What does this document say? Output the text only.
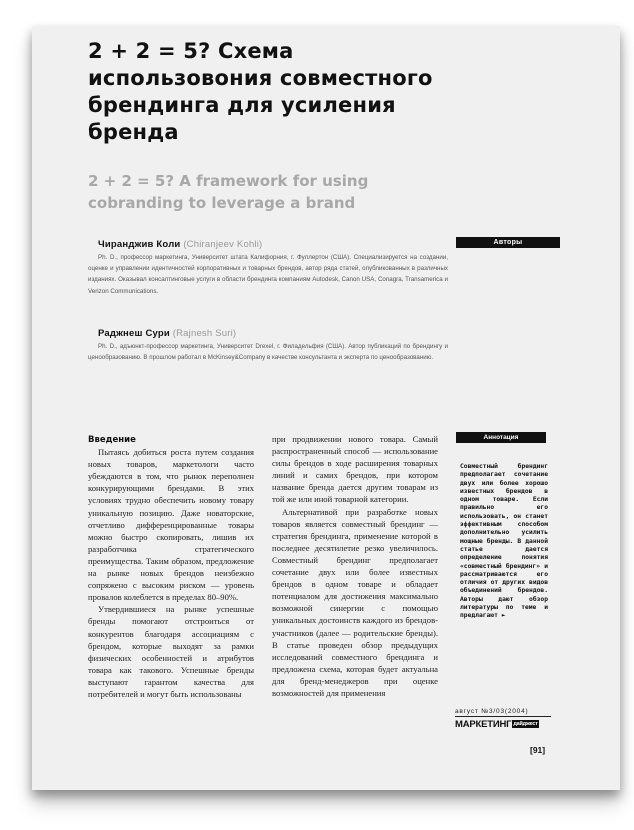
2 + 2 = 5? Схема использовония совместного брендинга для усиления бренда
2 + 2 = 5? A framework for using cobranding to leverage a brand
Авторы
Чиранджив Коли (Chiranjeev Kohli)
Ph. D., профессор маркетинга, Университет штата Калифорния, г. Фуллертон (США). Специализируется на создании, оценке и управлении идентичностей корпоративных и товарных брендов, автор ряда статей, опубликованных в различных изданиях. Оказывал консалтинговые услуги в области брендинга компаниям Autodesk, Canon USA, Conagra, Transamerica и Verizon Communications.
Раджнеш Сури (Rajnesh Suri)
Ph. D., адъюнкт-профессор маркетинга, Университет Drexel, г. Филадельфия (США). Автор публикаций по брендингу и ценообразованию. В прошлом работал в McKinsey&Company в качестве консультанта и эксперта по ценообразованию.

Введение

Пытаясь добиться роста путем создания новых товаров, маркетологи часто убеждаются в том, что рынок переполнен конкурирующими брендами. В этих условиях трудно обеспечить новому товару уникальную позицию. Даже новаторские, отчетливо дифференцированные товары можно быстро скопировать, лишив их разработчика стратегического преимущества. Таким образом, предложение на рынке новых брендов неизбежно сопряжено с высоким риском — уровень провалов колеблется в пределах 80–90%.

Утвердившиеся на рынке успешные бренды помогают отстроиться от конкурентов благодаря ассоциациям с брендом, которые выходят за рамки физических особенностей и атрибутов товара как такового. Успешные бренды выступают гарантом качества для потребителей и могут быть использованы

при продвижении нового товара. Самый распространенный способ — использование силы брендов в ходе расширения товарных линий и самих брендов, при котором название бренда дается другим товарам из той же или иной товарной категории.

Альтернативой при разработке новых товаров является совместный брендинг — стратегия брендинга, применение которой в последнее десятилетие резко увеличилось. Совместный брендинг предполагает сочетание двух или более известных брендов в одном товаре и обладает потенциалом для достижения максимально возможной синергии с помощью уникальных достоинств каждого из брендов-участников (далее — родительские бренды). В статье проведен обзор предыдущих исследований совместного брендинга и предложена схема, которая будет актуальна для бренд-менеджеров при оценке возможностей для применения

Аннотация
Совместный брендинг предполагает сочетание двух или более хорошо известных брендов в одном товаре. Если правильно его использовать, он станет эффективным способом дополнительно усилить мощные бренды. В данной статье дается определение понятия «совместный брендинг» и рассматриваются его отличия от других видов объединений брендов. Авторы дают обзор литературы по теме и предлагают ►
август №3/03(2004)
МАРКЕТИНГ дайджест
[91]
